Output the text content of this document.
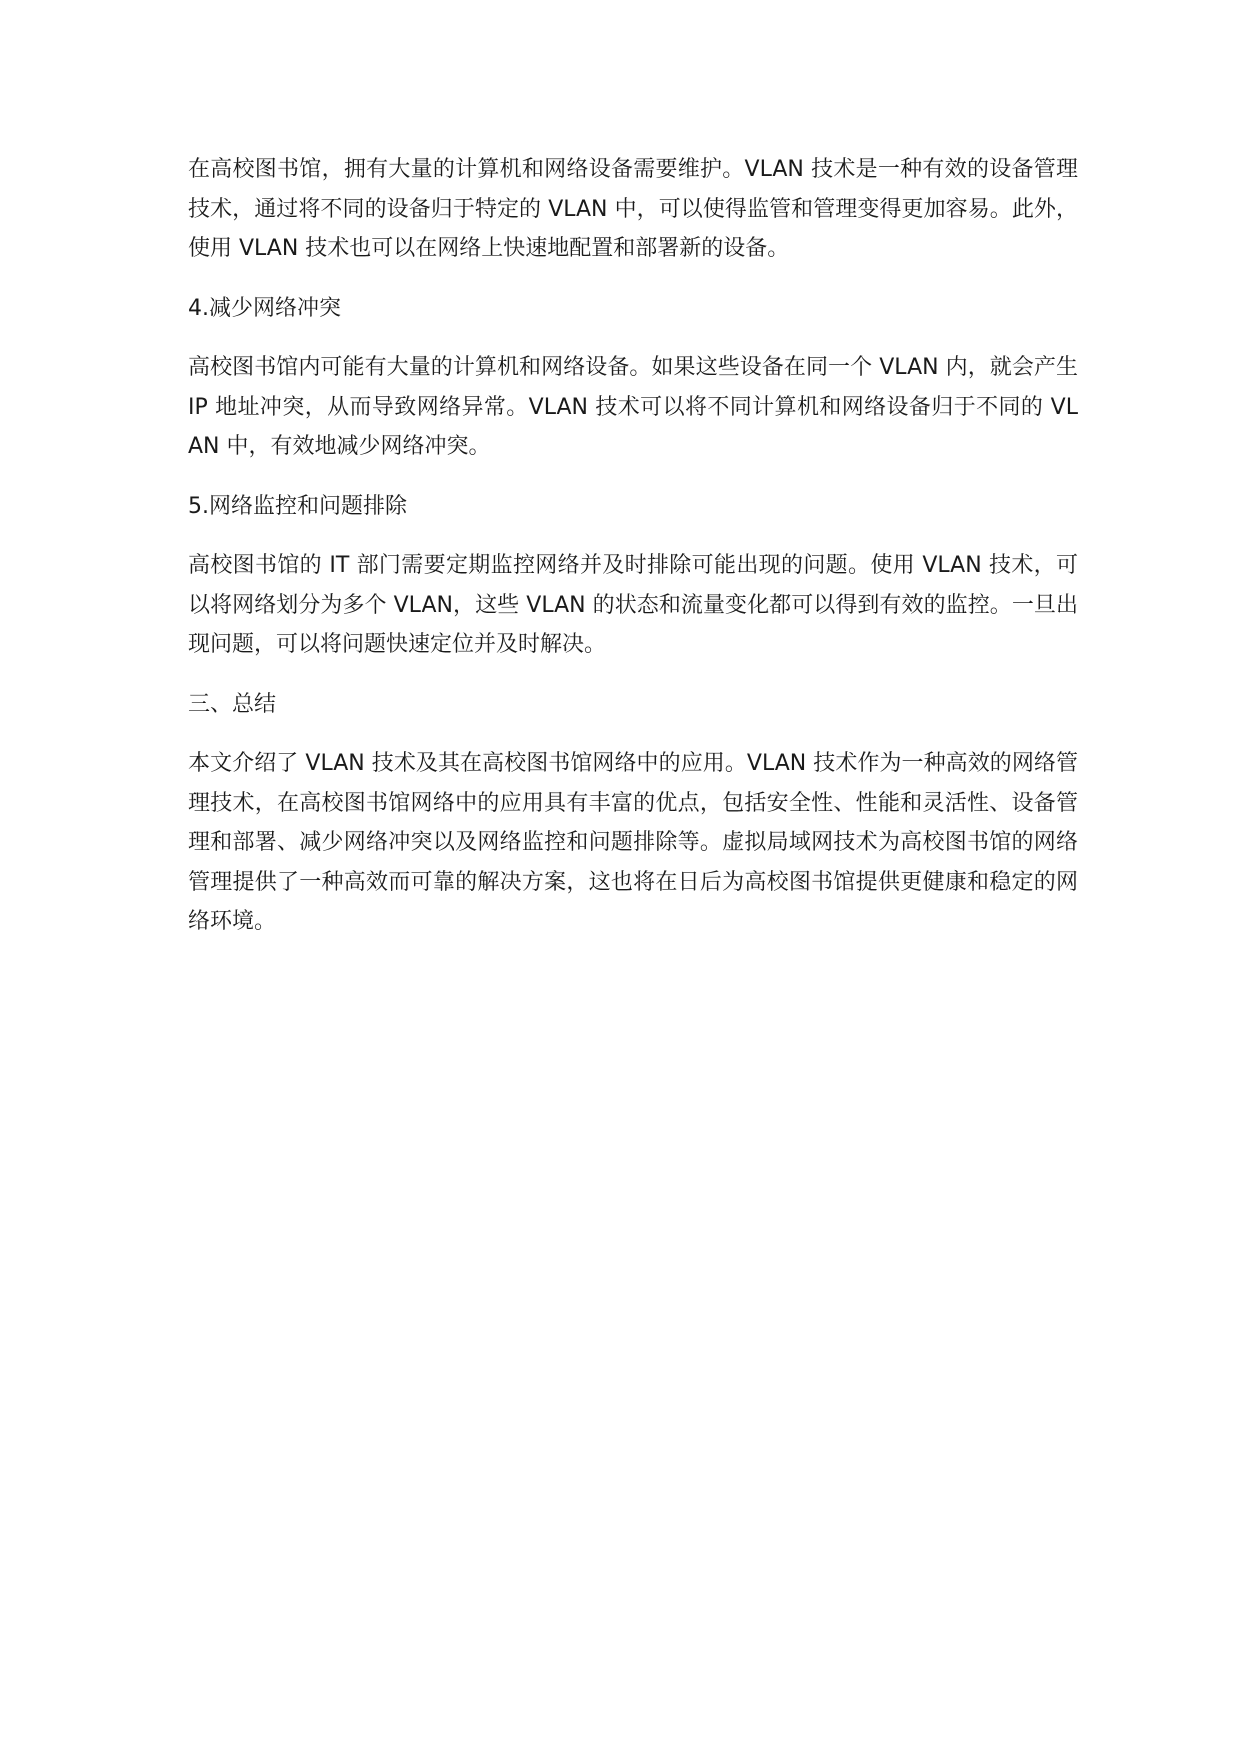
在高校图书馆，拥有大量的计算机和网络设备需要维护。VLAN 技术是一种有效的设备管理技术，通过将不同的设备归于特定的 VLAN 中，可以使得监管和管理变得更加容易。此外，使用 VLAN 技术也可以在网络上快速地配置和部署新的设备。

4.减少网络冲突

高校图书馆内可能有大量的计算机和网络设备。如果这些设备在同一个 VLAN 内，就会产生 IP 地址冲突，从而导致网络异常。VLAN 技术可以将不同计算机和网络设备归于不同的 VLAN 中，有效地减少网络冲突。

5.网络监控和问题排除

高校图书馆的 IT 部门需要定期监控网络并及时排除可能出现的问题。使用 VLAN 技术，可以将网络划分为多个 VLAN，这些 VLAN 的状态和流量变化都可以得到有效的监控。一旦出现问题，可以将问题快速定位并及时解决。

三、总结

本文介绍了 VLAN 技术及其在高校图书馆网络中的应用。VLAN 技术作为一种高效的网络管理技术，在高校图书馆网络中的应用具有丰富的优点，包括安全性、性能和灵活性、设备管理和部署、减少网络冲突以及网络监控和问题排除等。虚拟局域网技术为高校图书馆的网络管理提供了一种高效而可靠的解决方案，这也将在日后为高校图书馆提供更健康和稳定的网络环境。
